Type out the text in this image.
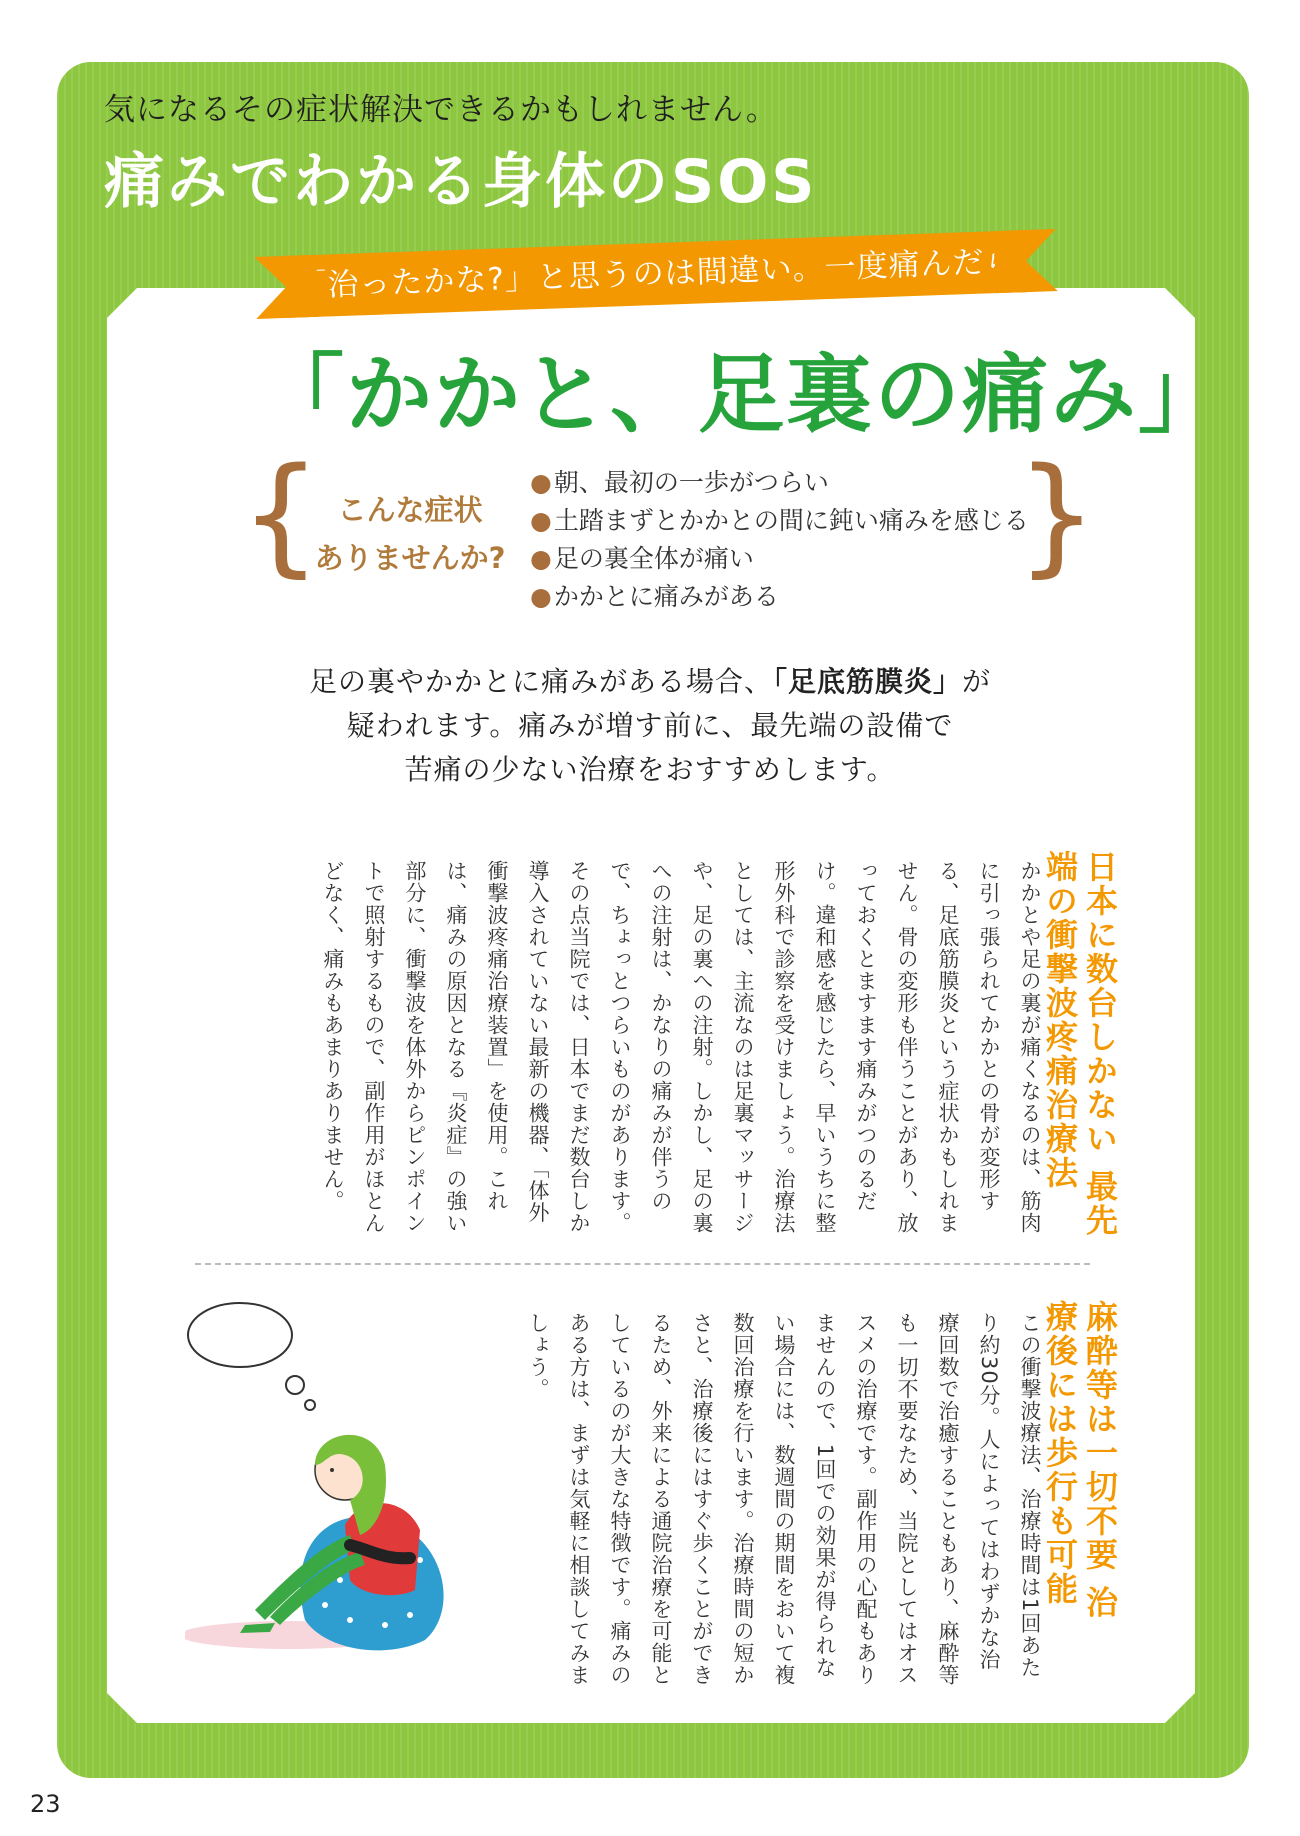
気になるその症状解決できるかもしれません。
痛みでわかる身体のSOS
「治ったかな?」と思うのは間違い。一度痛んだら病院へ
「かかと、足裏の痛み」
{	}
こんな症状
ありませんか?
●朝、最初の一歩がつらい
●土踏まずとかかとの間に鈍い痛みを感じる
●足の裏全体が痛い
●かかとに痛みがある
足の裏やかかとに痛みがある場合、「足底筋膜炎」が
疑われます。痛みが増す前に、最先端の設備で
苦痛の少ない治療をおすすめします。
日本に数台しかない 最先端の衝撃波疼痛治療法
かかとや足の裏が痛くなるのは、筋肉に引っ張られてかかとの骨が変形する、足底筋膜炎という症状かもしれません。骨の変形も伴うことがあり、放っておくとますます痛みがつのるだけ。違和感を感じたら、早いうちに整形外科で診察を受けましょう。治療法としては、主流なのは足裏マッサージや、足の裏への注射。しかし、足の裏への注射は、かなりの痛みが伴うので、ちょっとつらいものがあります。その点当院では、日本でまだ数台しか導入されていない最新の機器、「体外衝撃波疼痛治療装置」を使用。これは、痛みの原因となる『炎症』の強い部分に、衝撃波を体外からピンポイントで照射するもので、副作用がほとんどなく、痛みもあまりありません。
麻酔等は一切不要 治療後には歩行も可能
この衝撃波療法、治療時間は1回あたり約30分。人によってはわずかな治療回数で治癒することもあり、麻酔等も一切不要なため、当院としてはオススメの治療です。副作用の心配もありませんので、1回での効果が得られない場合には、数週間の期間をおいて複数回治療を行います。治療時間の短かさと、治療後にはすぐ歩くことができるため、外来による通院治療を可能としているのが大きな特徴です。痛みのある方は、まずは気軽に相談してみましょう。
23
